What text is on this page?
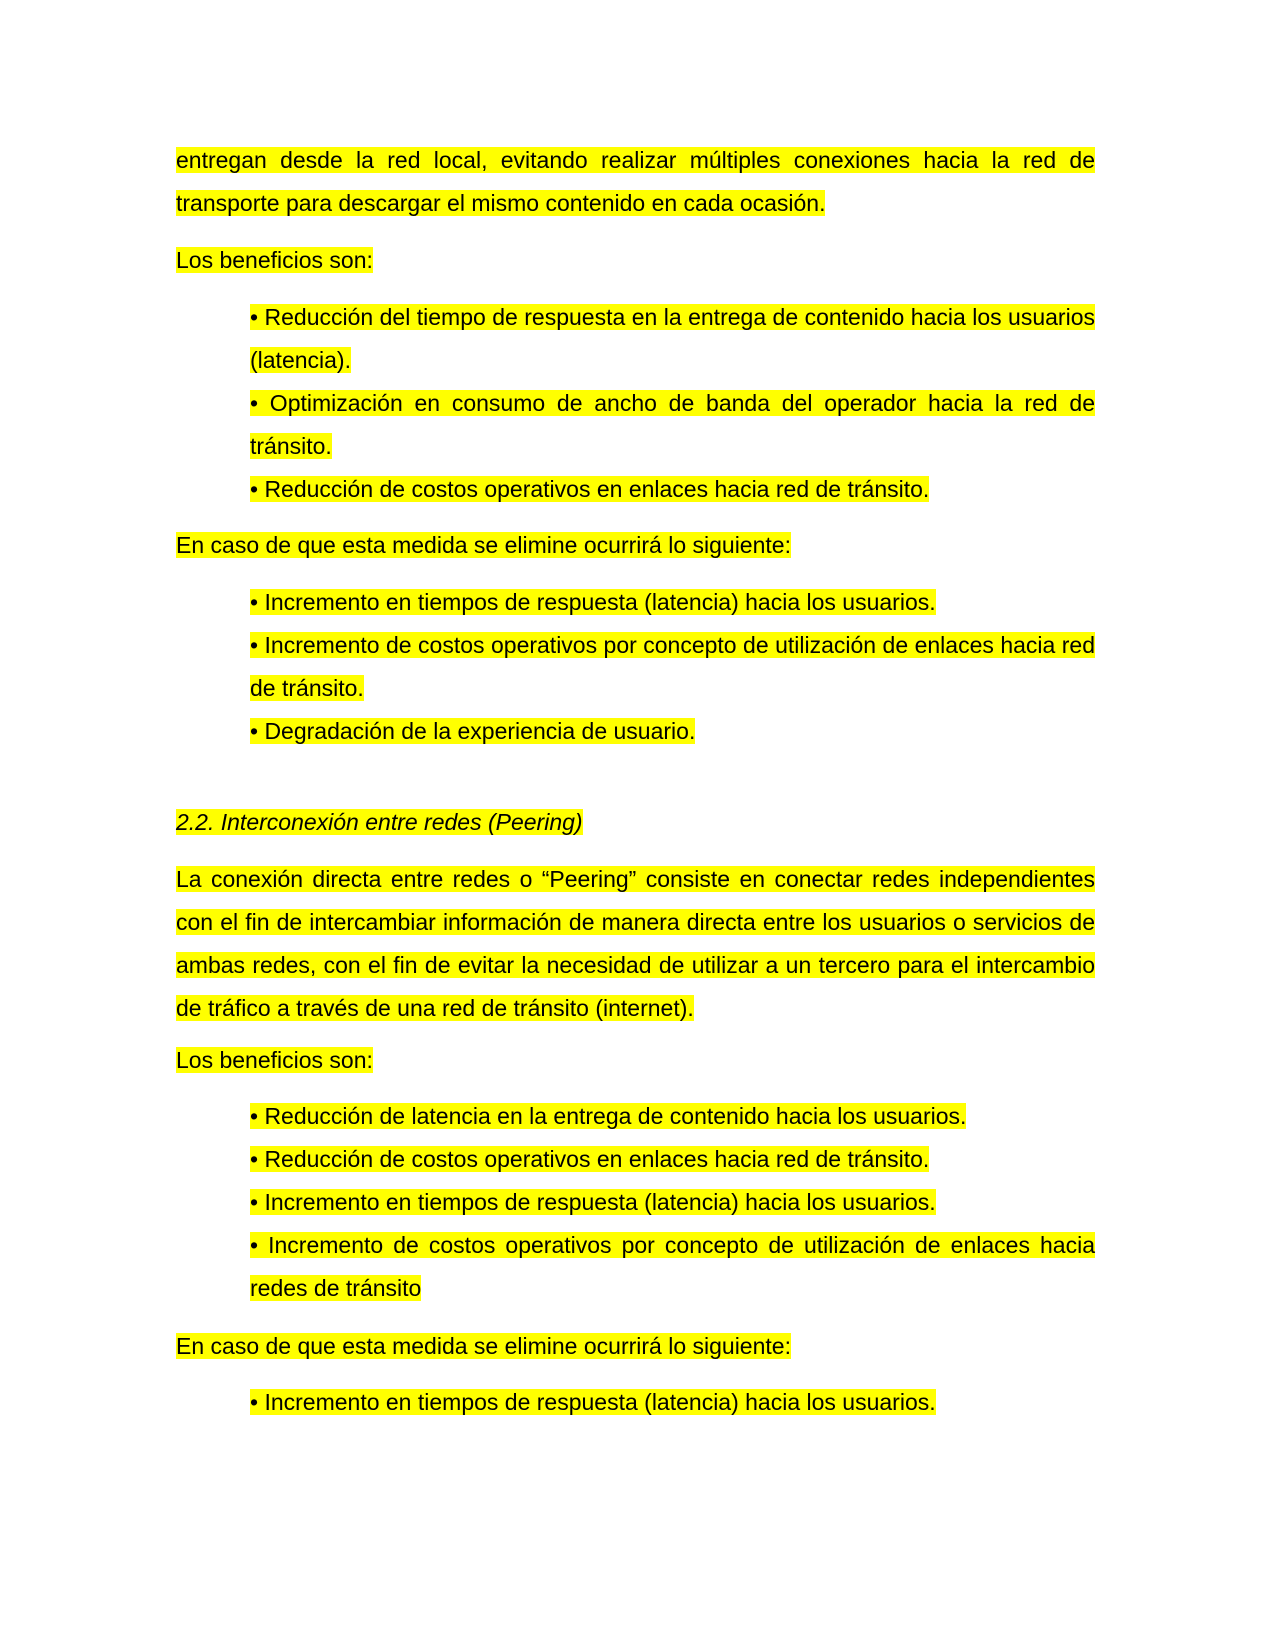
entregan desde la red local, evitando realizar múltiples conexiones hacia la red de transporte para descargar el mismo contenido en cada ocasión.
Los beneficios son:
• Reducción del tiempo de respuesta en la entrega de contenido hacia los usuarios (latencia).
• Optimización en consumo de ancho de banda del operador hacia la red de tránsito.
• Reducción de costos operativos en enlaces hacia red de tránsito.
En caso de que esta medida se elimine ocurrirá lo siguiente:
• Incremento en tiempos de respuesta (latencia) hacia los usuarios.
• Incremento de costos operativos por concepto de utilización de enlaces hacia red de tránsito.
• Degradación de la experiencia de usuario.
2.2. Interconexión entre redes (Peering)
La conexión directa entre redes o “Peering” consiste en conectar redes independientes con el fin de intercambiar información de manera directa entre los usuarios o servicios de ambas redes, con el fin de evitar la necesidad de utilizar a un tercero para el intercambio de tráfico a través de una red de tránsito (internet).
Los beneficios son:
• Reducción de latencia en la entrega de contenido hacia los usuarios.
• Reducción de costos operativos en enlaces hacia red de tránsito.
• Incremento en tiempos de respuesta (latencia) hacia los usuarios.
• Incremento de costos operativos por concepto de utilización de enlaces hacia redes de tránsito
En caso de que esta medida se elimine ocurrirá lo siguiente:
• Incremento en tiempos de respuesta (latencia) hacia los usuarios.
